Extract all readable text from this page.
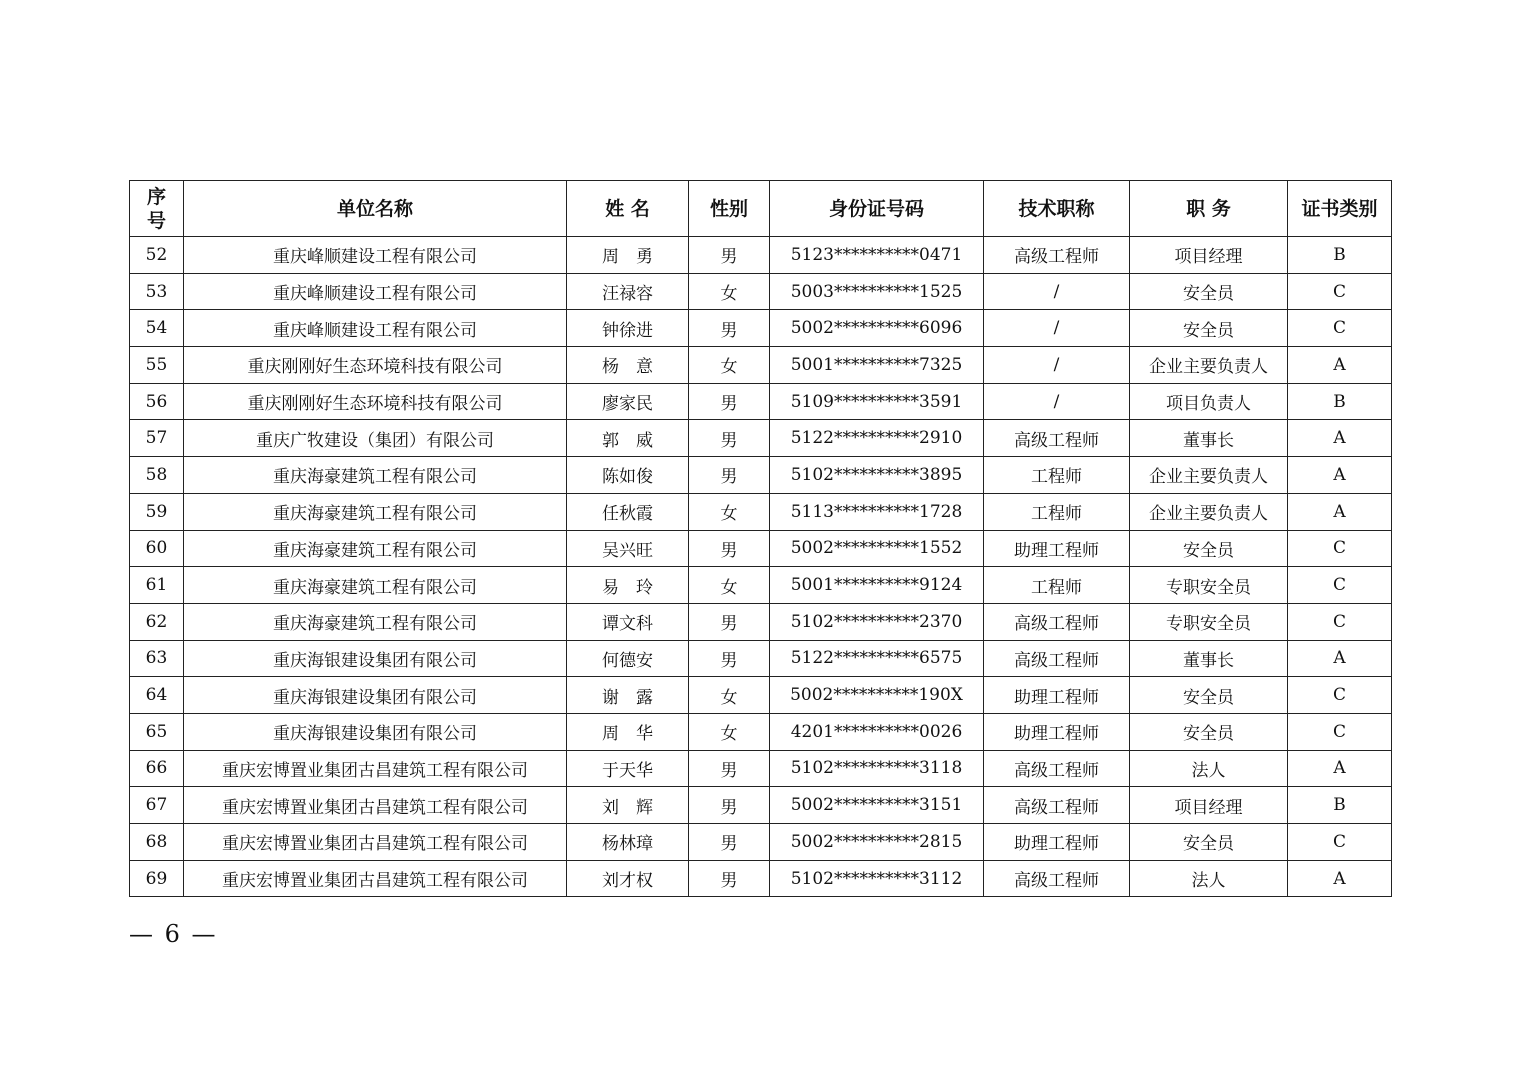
序
号	单位名称	姓 名	性别	身份证号码	技术职称	职 务	证书类别
52	重庆峰顺建设工程有限公司	周　勇	男	5123**********0471	高级工程师	项目经理	B
53	重庆峰顺建设工程有限公司	汪禄容	女	5003**********1525	/	安全员	C
54	重庆峰顺建设工程有限公司	钟徐进	男	5002**********6096	/	安全员	C
55	重庆刚刚好生态环境科技有限公司	杨　意	女	5001**********7325	/	企业主要负责人	A
56	重庆刚刚好生态环境科技有限公司	廖家民	男	5109**********3591	/	项目负责人	B
57	重庆广牧建设（集团）有限公司	郭　威	男	5122**********2910	高级工程师	董事长	A
58	重庆海豪建筑工程有限公司	陈如俊	男	5102**********3895	工程师	企业主要负责人	A
59	重庆海豪建筑工程有限公司	任秋霞	女	5113**********1728	工程师	企业主要负责人	A
60	重庆海豪建筑工程有限公司	吴兴旺	男	5002**********1552	助理工程师	安全员	C
61	重庆海豪建筑工程有限公司	易　玲	女	5001**********9124	工程师	专职安全员	C
62	重庆海豪建筑工程有限公司	谭文科	男	5102**********2370	高级工程师	专职安全员	C
63	重庆海银建设集团有限公司	何德安	男	5122**********6575	高级工程师	董事长	A
64	重庆海银建设集团有限公司	谢　露	女	5002**********190X	助理工程师	安全员	C
65	重庆海银建设集团有限公司	周　华	女	4201**********0026	助理工程师	安全员	C
66	重庆宏博置业集团古昌建筑工程有限公司	于天华	男	5102**********3118	高级工程师	法人	A
67	重庆宏博置业集团古昌建筑工程有限公司	刘　辉	男	5002**********3151	高级工程师	项目经理	B
68	重庆宏博置业集团古昌建筑工程有限公司	杨林璋	男	5002**********2815	助理工程师	安全员	C
69	重庆宏博置业集团古昌建筑工程有限公司	刘才权	男	5102**********3112	高级工程师	法人	A
— 6 —
